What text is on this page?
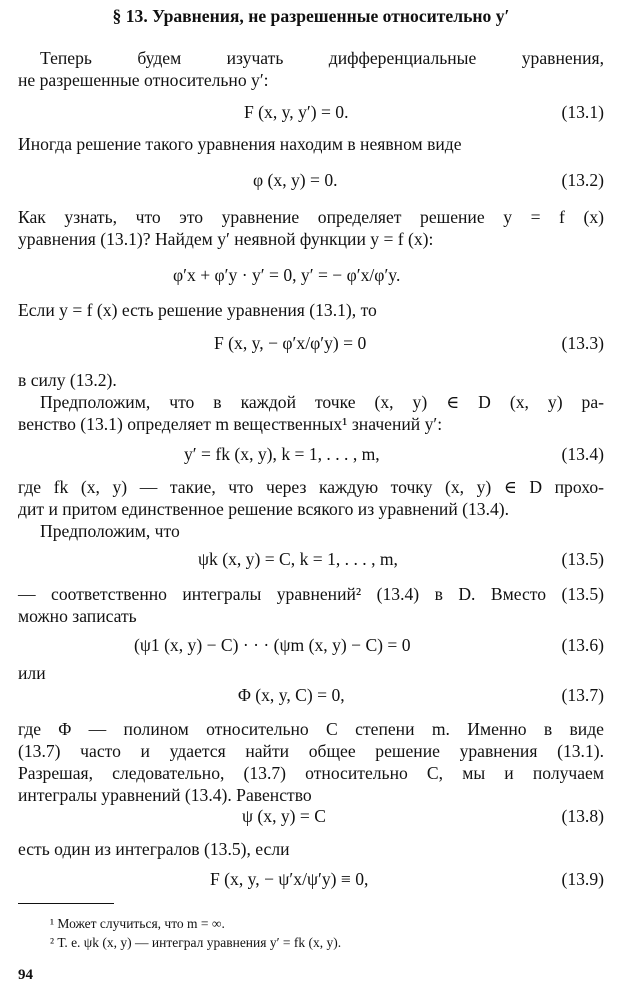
§ 13. Уравнения, не разрешенные относительно y′
Теперь будем изучать дифференциальные уравнения,
не разрешенные относительно y′:
F (x, y, y′) = 0.	(13.1)
Иногда решение такого уравнения находим в неявном виде
φ (x, y) = 0.	(13.2)
Как узнать, что это уравнение определяет решение y = f (x)
уравнения (13.1)? Найдем y′ неявной функции y = f (x):
φ′x + φ′y · y′ = 0, y′ = − φ′x/φ′y.
Если y = f (x) есть решение уравнения (13.1), то
F (x, y, − φ′x/φ′y) = 0	(13.3)
в силу (13.2).
Предположим, что в каждой точке (x, y) ∈ D (x, y) ра-
венство (13.1) определяет m вещественных¹ значений y′:
y′ = fk (x, y), k = 1, . . . , m,	(13.4)
где fk (x, y) — такие, что через каждую точку (x, y) ∈ D прохо-
дит и притом единственное решение всякого из уравнений (13.4).
Предположим, что
ψk (x, y) = C, k = 1, . . . , m,	(13.5)
— соответственно интегралы уравнений² (13.4) в D. Вместо (13.5)
можно записать
(ψ1 (x, y) − C) · · · (ψm (x, y) − C) = 0	(13.6)
или
Φ (x, y, C) = 0,	(13.7)
где Φ — полином относительно C степени m. Именно в виде
(13.7) часто и удается найти общее решение уравнения (13.1).
Разрешая, следовательно, (13.7) относительно C, мы и получаем
интегралы уравнений (13.4). Равенство
ψ (x, y) = C	(13.8)
есть один из интегралов (13.5), если
F (x, y, − ψ′x/ψ′y) ≡ 0,	(13.9)
¹ Может случиться, что m = ∞.
² Т. е. ψk (x, y) — интеграл уравнения y′ = fk (x, y).
94
